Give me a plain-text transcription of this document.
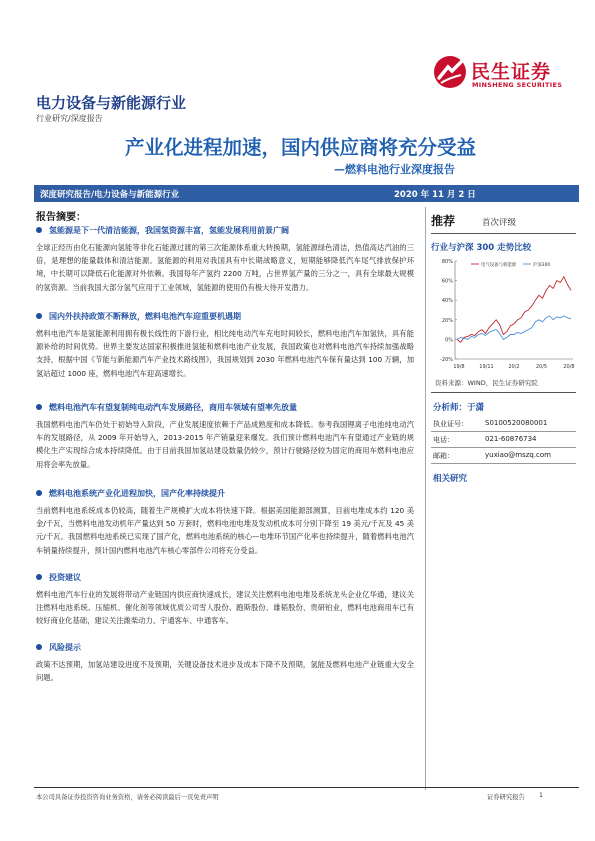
民生证券
MINSHENG SECURITIES
电力设备与新能源行业
行业研究/深度报告
产业化进程加速，国内供应商将充分受益
—燃料电池行业深度报告
深度研究报告/电力设备与新能源行业	2020 年 11 月 2 日
报告摘要：
氢能源是下一代清洁能源，我国氢资源丰富，氢能发展利用前景广阔
全球正经历由化石能源向氢能等非化石能源过渡的第三次能源体系重大转换期，氢能源绿色清洁，热值高达汽油的三倍，是理想的能量载体和清洁能源。氢能源的利用对我国具有中长期战略意义，短期能够降低汽车尾气排放保护环境，中长期可以降低石化能源对外依赖。我国每年产氢约 2200 万吨，占世界氢产量的三分之一，具有全球最大规模的氢资源。当前我国大部分氢气应用于工业领域，氢能源的使用仍有极大待开发潜力。
国内外扶持政策不断释放，燃料电池汽车迎重要机遇期
燃料电池汽车是氢能源利用拥有极长线性的下游行业，相比纯电动汽车充电时间较长，燃料电池汽车加氢快，具有能源补给的时间优势。世界主要发达国家积极推进氢能和燃料电池产业发展，我国政策也对燃料电池汽车持续加强战略支持，根据中国《节能与新能源汽车产业技术路线图》，我国规划到 2030 年燃料电池汽车保有量达到 100 万辆，加氢站超过 1000 座，燃料电池汽车迎高速增长。
燃料电池汽车有望复制纯电动汽车发展路径，商用车领域有望率先放量
我国燃料电池汽车仍处于初始导入阶段，产业发展速度依赖于产品成熟度和成本降低。参考我国锂离子电池纯电动汽车的发展路径，从 2009 年开始导入，2013-2015 年产销量迎来爆发。我们预计燃料电池汽车有望通过产业链的规模化生产实现综合成本持续降低。由于目前我国加氢站建设数量仍较少，预计行驶路径较为固定的商用车燃料电池应用将会率先放量。
燃料电池系统产业化进程加快，国产化率持续提升
当前燃料电池系统成本仍较高，随着生产规模扩大成本将快速下降。根据美国能源部测算，目前电堆成本约 120 美金/千瓦，当燃料电池发动机年产量达到 50 万套时，燃料电池电堆及发动机成本可分别下降至 19 美元/千瓦及 45 美元/千瓦。我国燃料电池系统已实现了国产化，燃料电池系统的核心—电堆环节国产化率也持续提升，随着燃料电池汽车销量持续提升，预计国内燃料电池汽车核心零部件公司将充分受益。
投资建议
燃料电池汽车行业的发展将带动产业链国内供应商快速成长，建议关注燃料电池电堆及系统龙头企业亿华通，建议关注燃料电池系统、压缩机、催化剂等领域优质公司雪人股份、跑斯股份、雄韬股份、贵研铂业，燃料电池商用车已有较好商业化基础，建议关注潍柴动力、宇通客车、中通客车。
风险提示
政策不达预期，加氢站建设进度不及预期，关键设备技术进步及成本下降不及预期，氢能及燃料电池产业链重大安全问题。
推荐	首次评级
行业与沪深 300 走势比较
80%
60%
40%
20%
0%
-20%
19/8	19/11	20/2	20/5	20/8
电气设备与新能源	沪深300
资料来源：WIND，民生证券研究院
分析师：于潇
执业证号： S0100520080001
电话：	021-60876734
邮箱：	yuxiao@mszq.com
相关研究
本公司具备证券投资咨询业务资格，请务必阅读最后一页免责声明	证券研究报告 1
